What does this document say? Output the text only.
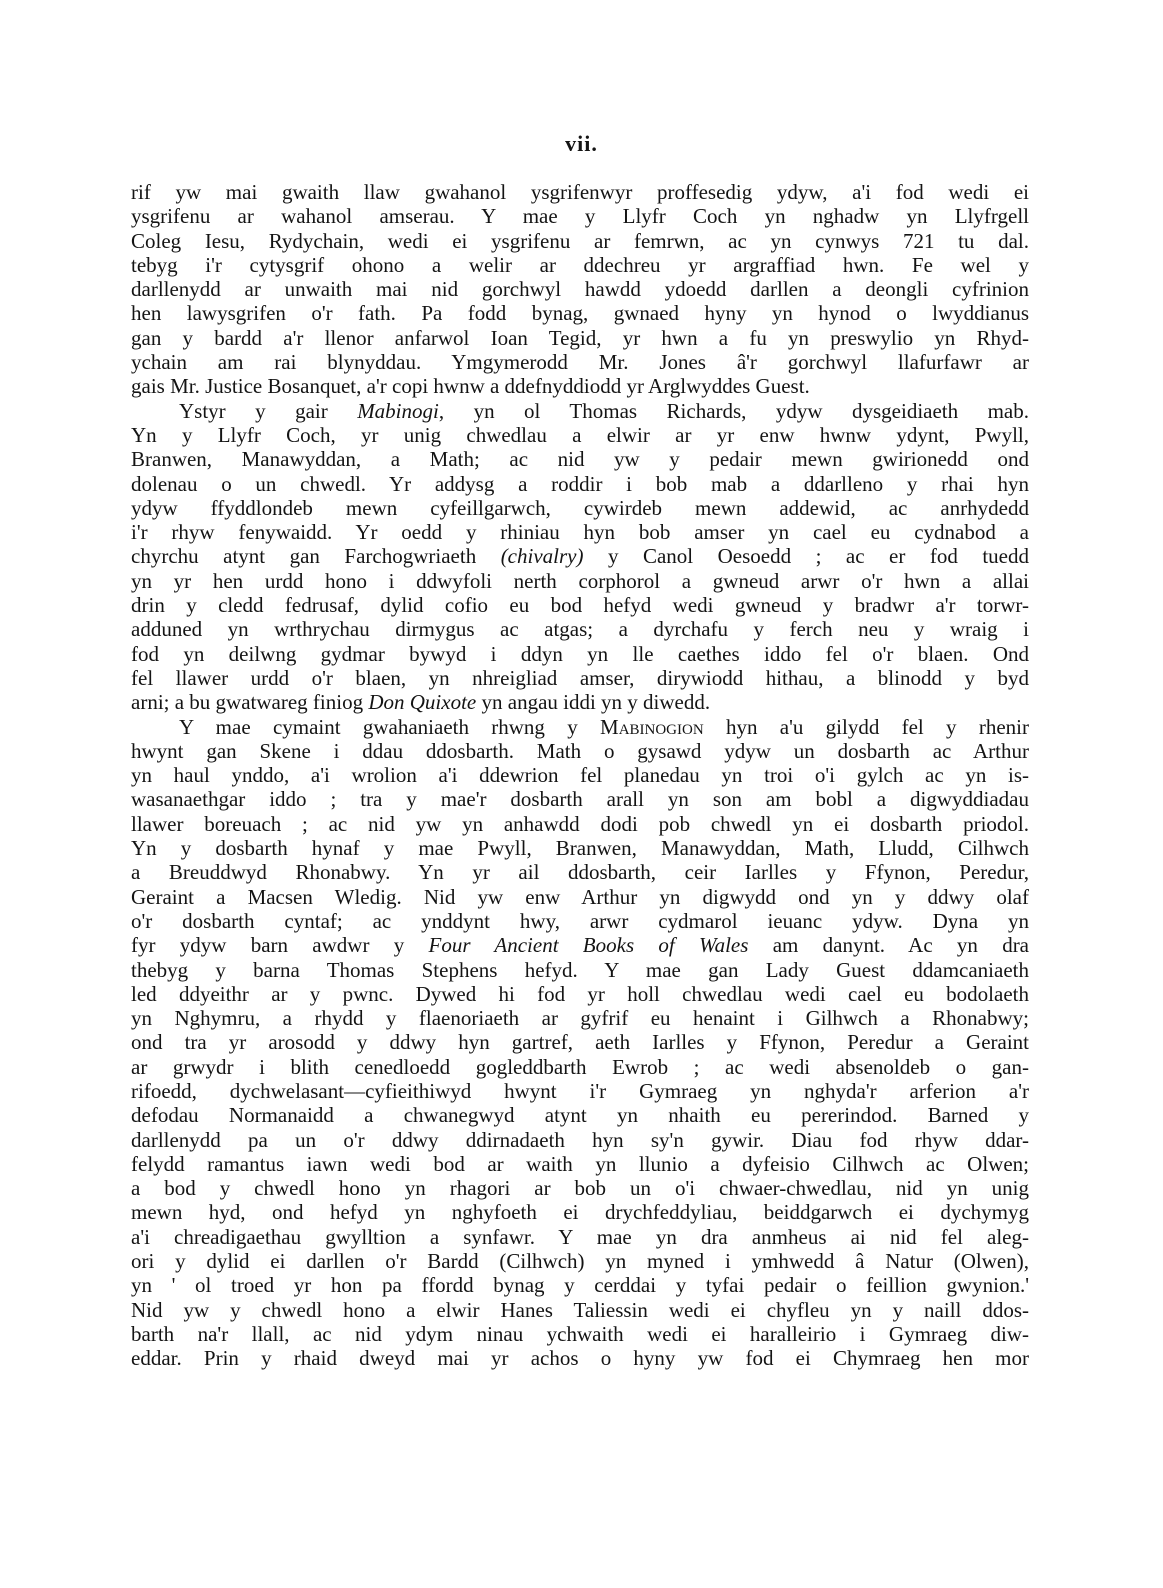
vii.
rif yw mai gwaith llaw gwahanol ysgrifenwyr proffesedig ydyw, a'i fod wedi ei
ysgrifenu ar wahanol amserau. Y mae y Llyfr Coch yn nghadw yn Llyfrgell
Coleg Iesu, Rydychain, wedi ei ysgrifenu ar femrwn, ac yn cynwys 721 tu dal.
tebyg i'r cytysgrif ohono a welir ar ddechreu yr argraffiad hwn. Fe wel y
darllenydd ar unwaith mai nid gorchwyl hawdd ydoedd darllen a deongli cyfrinion
hen lawysgrifen o'r fath. Pa fodd bynag, gwnaed hyny yn hynod o lwyddianus
gan y bardd a'r llenor anfarwol Ioan Tegid, yr hwn a fu yn preswylio yn Rhyd-
ychain am rai blynyddau. Ymgymerodd Mr. Jones â'r gorchwyl llafurfawr ar
gais Mr. Justice Bosanquet, a'r copi hwnw a ddefnyddiodd yr Arglwyddes Guest.
Ystyr y gair Mabinogi, yn ol Thomas Richards, ydyw dysgeidiaeth mab.
Yn y Llyfr Coch, yr unig chwedlau a elwir ar yr enw hwnw ydynt, Pwyll,
Branwen, Manawyddan, a Math; ac nid yw y pedair mewn gwirionedd ond
dolenau o un chwedl. Yr addysg a roddir i bob mab a ddarlleno y rhai hyn
ydyw ffyddlondeb mewn cyfeillgarwch, cywirdeb mewn addewid, ac anrhydedd
i'r rhyw fenywaidd. Yr oedd y rhiniau hyn bob amser yn cael eu cydnabod a
chyrchu atynt gan Farchogwriaeth (chivalry) y Canol Oesoedd ; ac er fod tuedd
yn yr hen urdd hono i ddwyfoli nerth corphorol a gwneud arwr o'r hwn a allai
drin y cledd fedrusaf, dylid cofio eu bod hefyd wedi gwneud y bradwr a'r torwr-
adduned yn wrthrychau dirmygus ac atgas; a dyrchafu y ferch neu y wraig i
fod yn deilwng gydmar bywyd i ddyn yn lle caethes iddo fel o'r blaen. Ond
fel llawer urdd o'r blaen, yn nhreigliad amser, dirywiodd hithau, a blinodd y byd
arni; a bu gwatwareg finiog Don Quixote yn angau iddi yn y diwedd.
Y mae cymaint gwahaniaeth rhwng y Mabinogion hyn a'u gilydd fel y rhenir
hwynt gan Skene i ddau ddosbarth. Math o gysawd ydyw un dosbarth ac Arthur
yn haul ynddo, a'i wrolion a'i ddewrion fel planedau yn troi o'i gylch ac yn is-
wasanaethgar iddo ; tra y mae'r dosbarth arall yn son am bobl a digwyddiadau
llawer boreuach ; ac nid yw yn anhawdd dodi pob chwedl yn ei dosbarth priodol.
Yn y dosbarth hynaf y mae Pwyll, Branwen, Manawyddan, Math, Lludd, Cilhwch
a Breuddwyd Rhonabwy. Yn yr ail ddosbarth, ceir Iarlles y Ffynon, Peredur,
Geraint a Macsen Wledig. Nid yw enw Arthur yn digwydd ond yn y ddwy olaf
o'r dosbarth cyntaf; ac ynddynt hwy, arwr cydmarol ieuanc ydyw. Dyna yn
fyr ydyw barn awdwr y Four Ancient Books of Wales am danynt. Ac yn dra
thebyg y barna Thomas Stephens hefyd. Y mae gan Lady Guest ddamcaniaeth
led ddyeithr ar y pwnc. Dywed hi fod yr holl chwedlau wedi cael eu bodolaeth
yn Nghymru, a rhydd y flaenoriaeth ar gyfrif eu henaint i Gilhwch a Rhonabwy;
ond tra yr arosodd y ddwy hyn gartref, aeth Iarlles y Ffynon, Peredur a Geraint
ar grwydr i blith cenedloedd gogleddbarth Ewrob ; ac wedi absenoldeb o gan-
rifoedd, dychwelasant—cyfieithiwyd hwynt i'r Gymraeg yn nghyda'r arferion a'r
defodau Normanaidd a chwanegwyd atynt yn nhaith eu pererindod. Barned y
darllenydd pa un o'r ddwy ddirnadaeth hyn sy'n gywir. Diau fod rhyw ddar-
felydd ramantus iawn wedi bod ar waith yn llunio a dyfeisio Cilhwch ac Olwen;
a bod y chwedl hono yn rhagori ar bob un o'i chwaer-chwedlau, nid yn unig
mewn hyd, ond hefyd yn nghyfoeth ei drychfeddyliau, beiddgarwch ei dychymyg
a'i chreadigaethau gwylltion a synfawr. Y mae yn dra anmheus ai nid fel aleg-
ori y dylid ei darllen o'r Bardd (Cilhwch) yn myned i ymhwedd â Natur (Olwen),
yn ' ol troed yr hon pa ffordd bynag y cerddai y tyfai pedair o feillion gwynion.'
Nid yw y chwedl hono a elwir Hanes Taliessin wedi ei chyfleu yn y naill ddos-
barth na'r llall, ac nid ydym ninau ychwaith wedi ei haralleirio i Gymraeg diw-
eddar. Prin y rhaid dweyd mai yr achos o hyny yw fod ei Chymraeg hen mor
